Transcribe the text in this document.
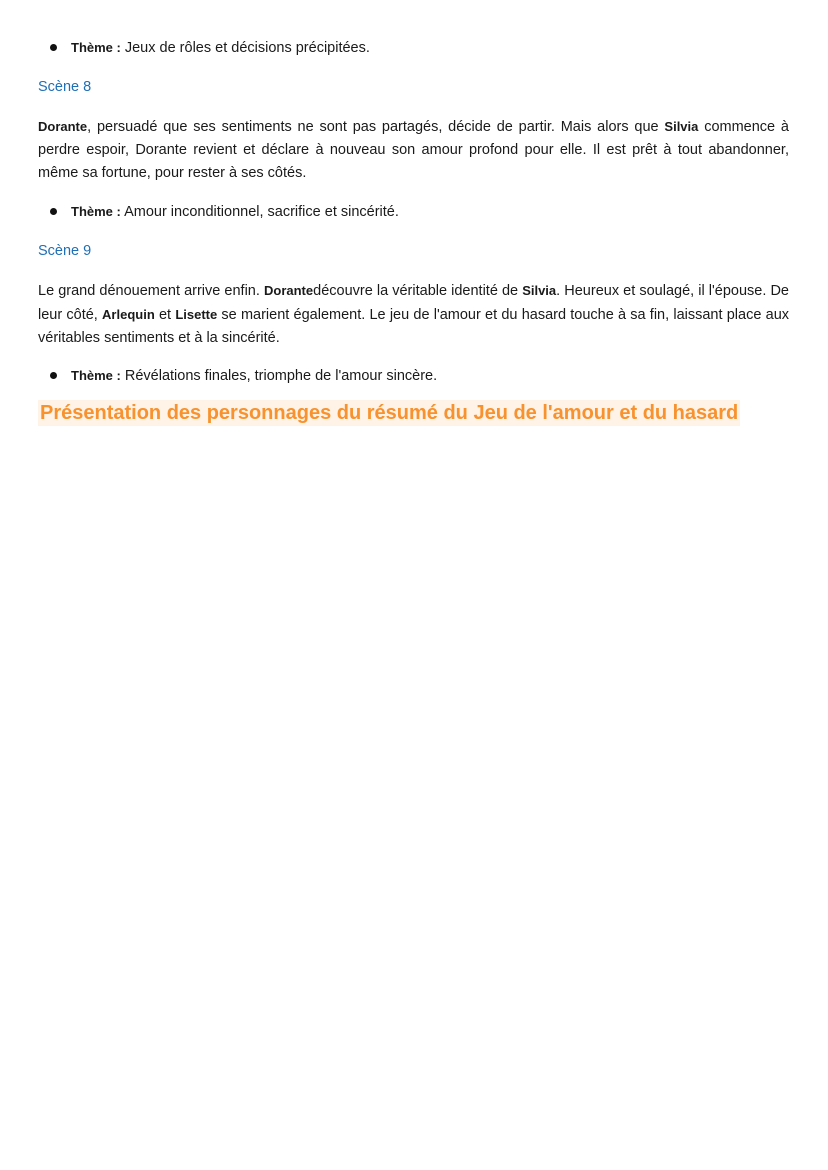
Thème : Jeux de rôles et décisions précipitées.
Scène 8
Dorante, persuadé que ses sentiments ne sont pas partagés, décide de partir. Mais alors que Silvia commence à perdre espoir, Dorante revient et déclare à nouveau son amour profond pour elle. Il est prêt à tout abandonner, même sa fortune, pour rester à ses côtés.
Thème : Amour inconditionnel, sacrifice et sincérité.
Scène 9
Le grand dénouement arrive enfin. Dorantedécouvre la véritable identité de Silvia. Heureux et soulagé, il l'épouse. De leur côté, Arlequin et Lisette se marient également. Le jeu de l'amour et du hasard touche à sa fin, laissant place aux véritables sentiments et à la sincérité.
Thème : Révélations finales, triomphe de l'amour sincère.
Présentation des personnages du résumé du Jeu de l'amour et du hasard
